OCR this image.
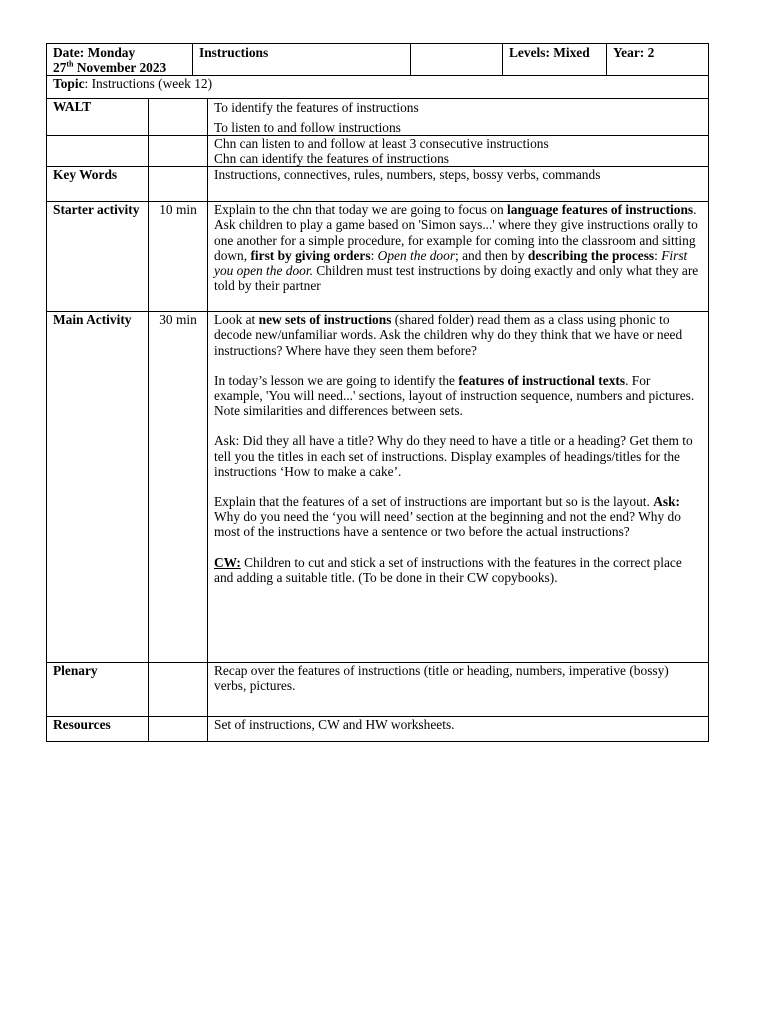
Date: Monday
27th November 2023
	Instructions		Levels: Mixed	Year: 2
Topic: Instructions (week 12)
WALT		To identify the features of instructions
To listen to and follow instructions

		Chn can listen to and follow at least 3 consecutive instructions
Chn can identify the features of instructions

Key Words		Instructions, connectives, rules, numbers, steps, bossy verbs, commands
Starter activity	10 min	Explain to the chn that today we are going to focus on language features of instructions. Ask children to play a game based on 'Simon says...' where they give instructions orally to one another for a simple procedure, for example for coming into the classroom and sitting down, first by giving orders: Open the door; and then by describing the process: First you open the door. Children must test instructions by doing exactly and only what they are told by their partner
Main Activity	30 min	Look at new sets of instructions (shared folder) read them as a class using phonic to decode new/unfamiliar words. Ask the children why do they think that we have or need instructions? Where have they seen them before?

In today’s lesson we are going to identify the features of instructional texts. For example, 'You will need...' sections, layout of instruction sequence, numbers and pictures. Note similarities and differences between sets.

Ask: Did they all have a title? Why do they need to have a title or a heading? Get them to tell you the titles in each set of instructions. Display examples of headings/titles for the instructions ‘How to make a cake’.

Explain that the features of a set of instructions are important but so is the layout. Ask: Why do you need the ‘you will need’ section at the beginning and not the end? Why do most of the instructions have a sentence or two before the actual instructions?

CW: Children to cut and stick a set of instructions with the features in the correct place and adding a suitable title. (To be done in their CW copybooks).

Plenary		Recap over the features of instructions (title or heading, numbers, imperative (bossy) verbs, pictures.
Resources		Set of instructions, CW and HW worksheets.
